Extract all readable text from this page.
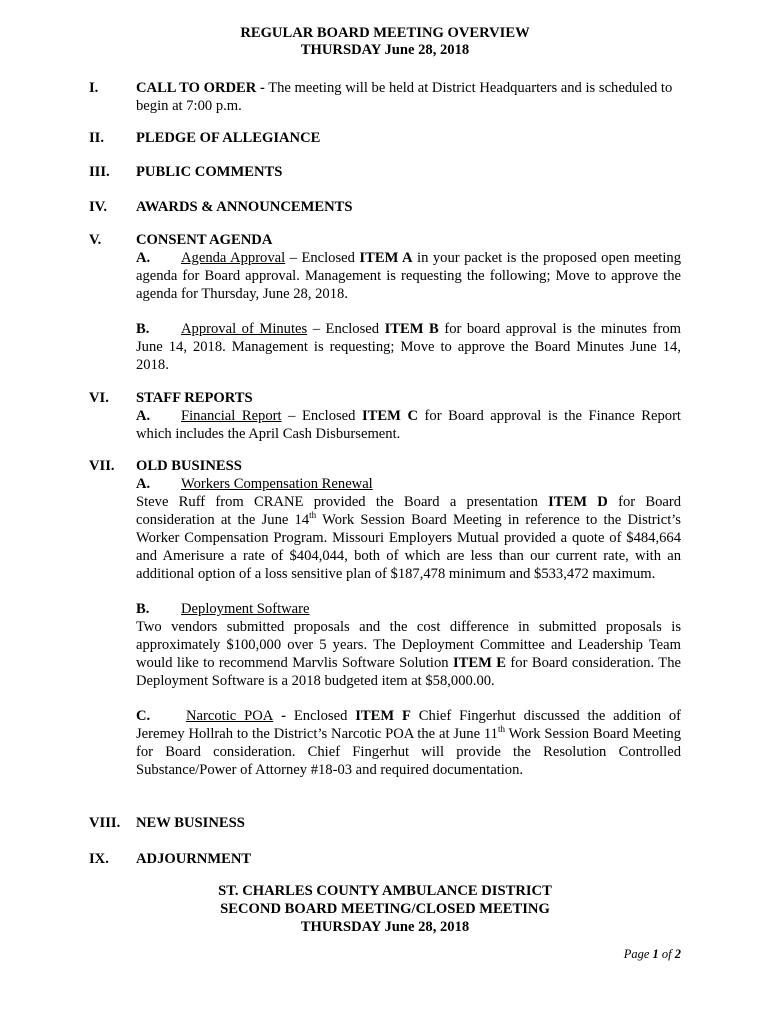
REGULAR BOARD MEETING OVERVIEW
THURSDAY June 28, 2018
I.	CALL TO ORDER - The meeting will be held at District Headquarters and is scheduled to begin at 7:00 p.m.
II. PLEDGE OF ALLEGIANCE
III. PUBLIC COMMENTS
IV. AWARDS & ANNOUNCEMENTS
V. CONSENT AGENDA
A. Agenda Approval – Enclosed ITEM A in your packet is the proposed open meeting agenda for Board approval. Management is requesting the following; Move to approve the agenda for Thursday, June 28, 2018.
B. Approval of Minutes – Enclosed ITEM B for board approval is the minutes from June 14, 2018. Management is requesting; Move to approve the Board Minutes June 14, 2018.
VI. STAFF REPORTS
A. Financial Report – Enclosed ITEM C for Board approval is the Finance Report which includes the April Cash Disbursement.
VII. OLD BUSINESS
A. Workers Compensation Renewal
Steve Ruff from CRANE provided the Board a presentation ITEM D for Board consideration at the June 14th Work Session Board Meeting in reference to the District’s Worker Compensation Program. Missouri Employers Mutual provided a quote of $484,664 and Amerisure a rate of $404,044, both of which are less than our current rate, with an additional option of a loss sensitive plan of $187,478 minimum and $533,472 maximum.
B. Deployment Software
Two vendors submitted proposals and the cost difference in submitted proposals is approximately $100,000 over 5 years. The Deployment Committee and Leadership Team would like to recommend Marvlis Software Solution ITEM E for Board consideration. The Deployment Software is a 2018 budgeted item at $58,000.00.
C. Narcotic POA - Enclosed ITEM F Chief Fingerhut discussed the addition of Jeremey Hollrah to the District’s Narcotic POA the at June 11th Work Session Board Meeting for Board consideration. Chief Fingerhut will provide the Resolution Controlled Substance/Power of Attorney #18-03 and required documentation.
VIII. NEW BUSINESS
IX. ADJOURNMENT
ST. CHARLES COUNTY AMBULANCE DISTRICT
SECOND BOARD MEETING/CLOSED MEETING
THURSDAY June 28, 2018
Page 1 of 2
